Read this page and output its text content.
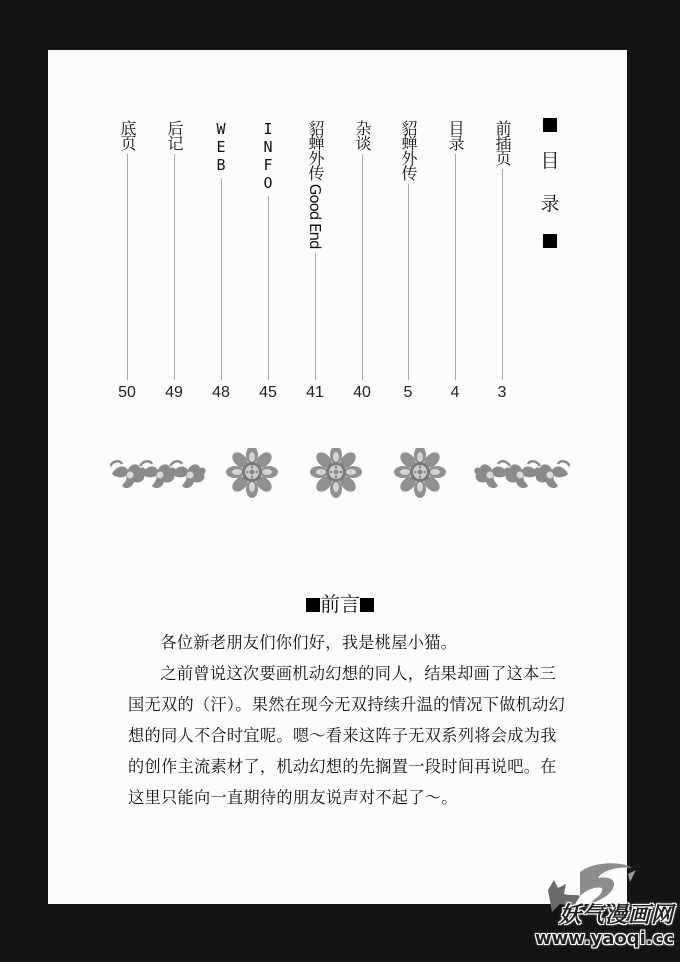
目
录
前插页
3
目录
4
貂蝉外传
5
杂谈
40
貂蝉外传 Good End
41
INFO
45
WEB
48
后记
49
底页
50
前言

各位新老朋友们你们好，我是桃屋小猫。

之前曾说这次要画机动幻想的同人，结果却画了这本三国无双的（汗）。果然在现今无双持续升温的情况下做机动幻想的同人不合时宜呢。嗯～看来这阵子无双系列将会成为我的创作主流素材了，机动幻想的先搁置一段时间再说吧。在这里只能向一直期待的朋友说声对不起了～。

妖气漫画网
www.yaoqi.cc
